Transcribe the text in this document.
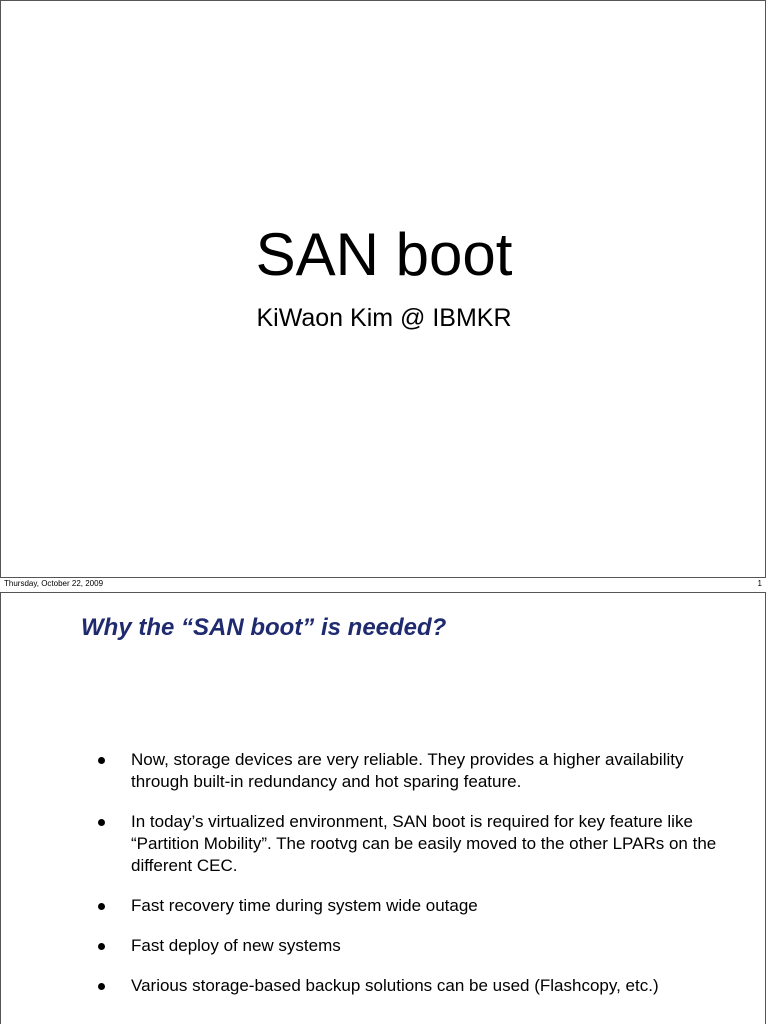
SAN boot
KiWaon Kim @ IBMKR
Thursday, October 22, 2009	1
Why the “SAN boot” is needed?
Now, storage devices are very reliable. They provides a higher availability through built-in redundancy and hot sparing feature.
In today’s virtualized environment, SAN boot is required for key feature like “Partition Mobility”. The rootvg can be easily moved to the other LPARs on the different CEC.
Fast recovery time during system wide outage
Fast deploy of new systems
Various storage-based backup solutions can be used (Flashcopy, etc.)
